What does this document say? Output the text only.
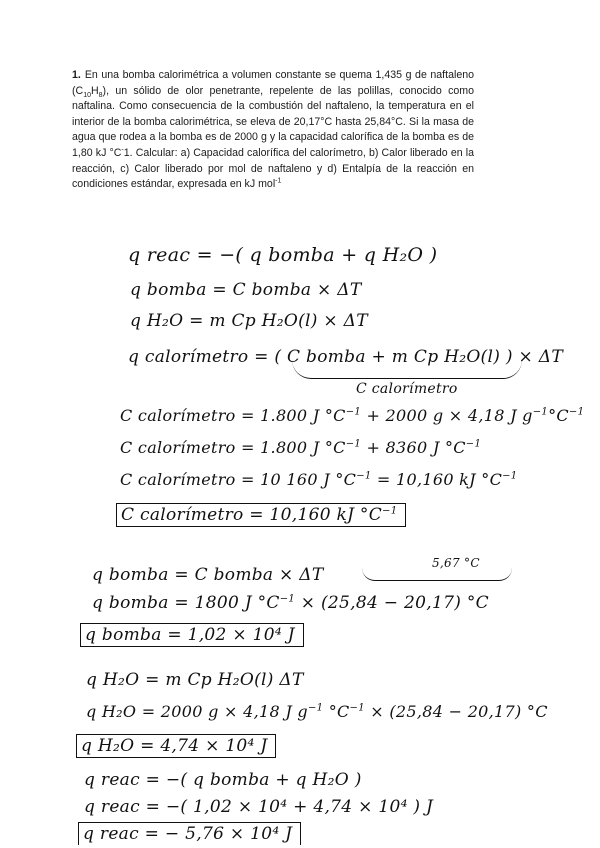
1. En una bomba calorimétrica a volumen constante se quema 1,435 g de naftaleno $(C_{10}H_8)$, un sólido de olor penetrante, repelente de las polillas, conocido como naftalina. Como consecuencia de la combustión del naftaleno, la temperatura en el interior de la bomba calorimétrica, se eleva de 20,17°C hasta 25,84°C. Si la masa de agua que rodea a la bomba es de 2000 g y la capacidad calorífica de la bomba es de 1,80 kJ °C-1. Calcular: a) Capacidad calorífica del calorímetro, b) Calor liberado en la reacción, c) Calor liberado por mol de naftaleno y d) Entalpía de la reacción en condiciones estándar, expresada en kJ mol$^{-1}$
q reac = −( q bomba + q H₂O )
q bomba = C bomba × ΔT
q H₂O = m Cp H₂O(l) × ΔT
q calorímetro = ( C bomba + m Cp H₂O(l) ) × ΔT
C calorímetro
C calorímetro = 1.800 J $^\circ C^{-1} + 2000$ g × 4,18 J $g^{-1}^\circ C^{-1}$
C calorímetro = 1.800 J $^\circ C^{-1} + 8360$ J $^\circ C^{-1}$
C calorímetro = 10 160 J $^\circ C^{-1} = 10,160$ kJ $^\circ C^{-1}$
C calorímetro = 10,160 kJ $^\circ C^{-1}$
5,67 °C
q bomba = C bomba × ΔT
q bomba = 1800 J $^\circ C^{-1} \times (25,84 - 20,17)$ °C
q bomba = 1,02 × 10⁴ J
q H₂O = m Cp H₂O(l) ΔT
q H₂O = 2000 g × 4,18 J $g^{-1}$ $^\circ C^{-1} \times (25,84 - 20,17)$ °C
q H₂O = 4,74 × 10⁴ J
q reac = −( q bomba + q H₂O )
q reac = −( 1,02 × 10⁴ + 4,74 × 10⁴ ) J
q reac = − 5,76 × 10⁴ J
